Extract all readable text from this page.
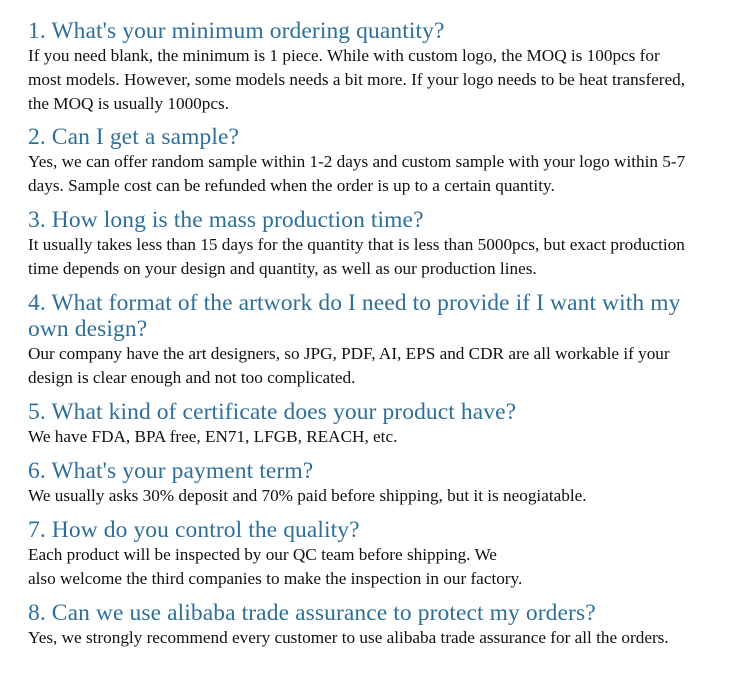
1. What's your minimum ordering quantity?

If you need blank, the minimum is 1 piece. While with custom logo, the MOQ is 100pcs for
most models. However, some models needs a bit more. If your logo needs to be heat transfered,
the MOQ is usually 1000pcs.

2. Can I get a sample?

Yes, we can offer random sample within 1-2 days and custom sample with your logo within 5-7
days. Sample cost can be refunded when the order is up to a certain quantity.

3. How long is the mass production time?

It usually takes less than 15 days for the quantity that is less than 5000pcs, but exact production
time depends on your design and quantity, as well as our production lines.

4. What format of the artwork do I need to provide if I want with my
own design?

Our company have the art designers, so JPG, PDF, AI, EPS and CDR are all workable if your
design is clear enough and not too complicated.

5. What kind of certificate does your product have?

We have FDA, BPA free, EN71, LFGB, REACH, etc.

6. What's your payment term?

We usually asks 30% deposit and 70% paid before shipping, but it is neogiatable.

7. How do you control the quality?

Each product will be inspected by our QC team before shipping. We
also welcome the third companies to make the inspection in our factory.

8. Can we use alibaba trade assurance to protect my orders?

Yes, we strongly recommend every customer to use alibaba trade assurance for all the orders.
